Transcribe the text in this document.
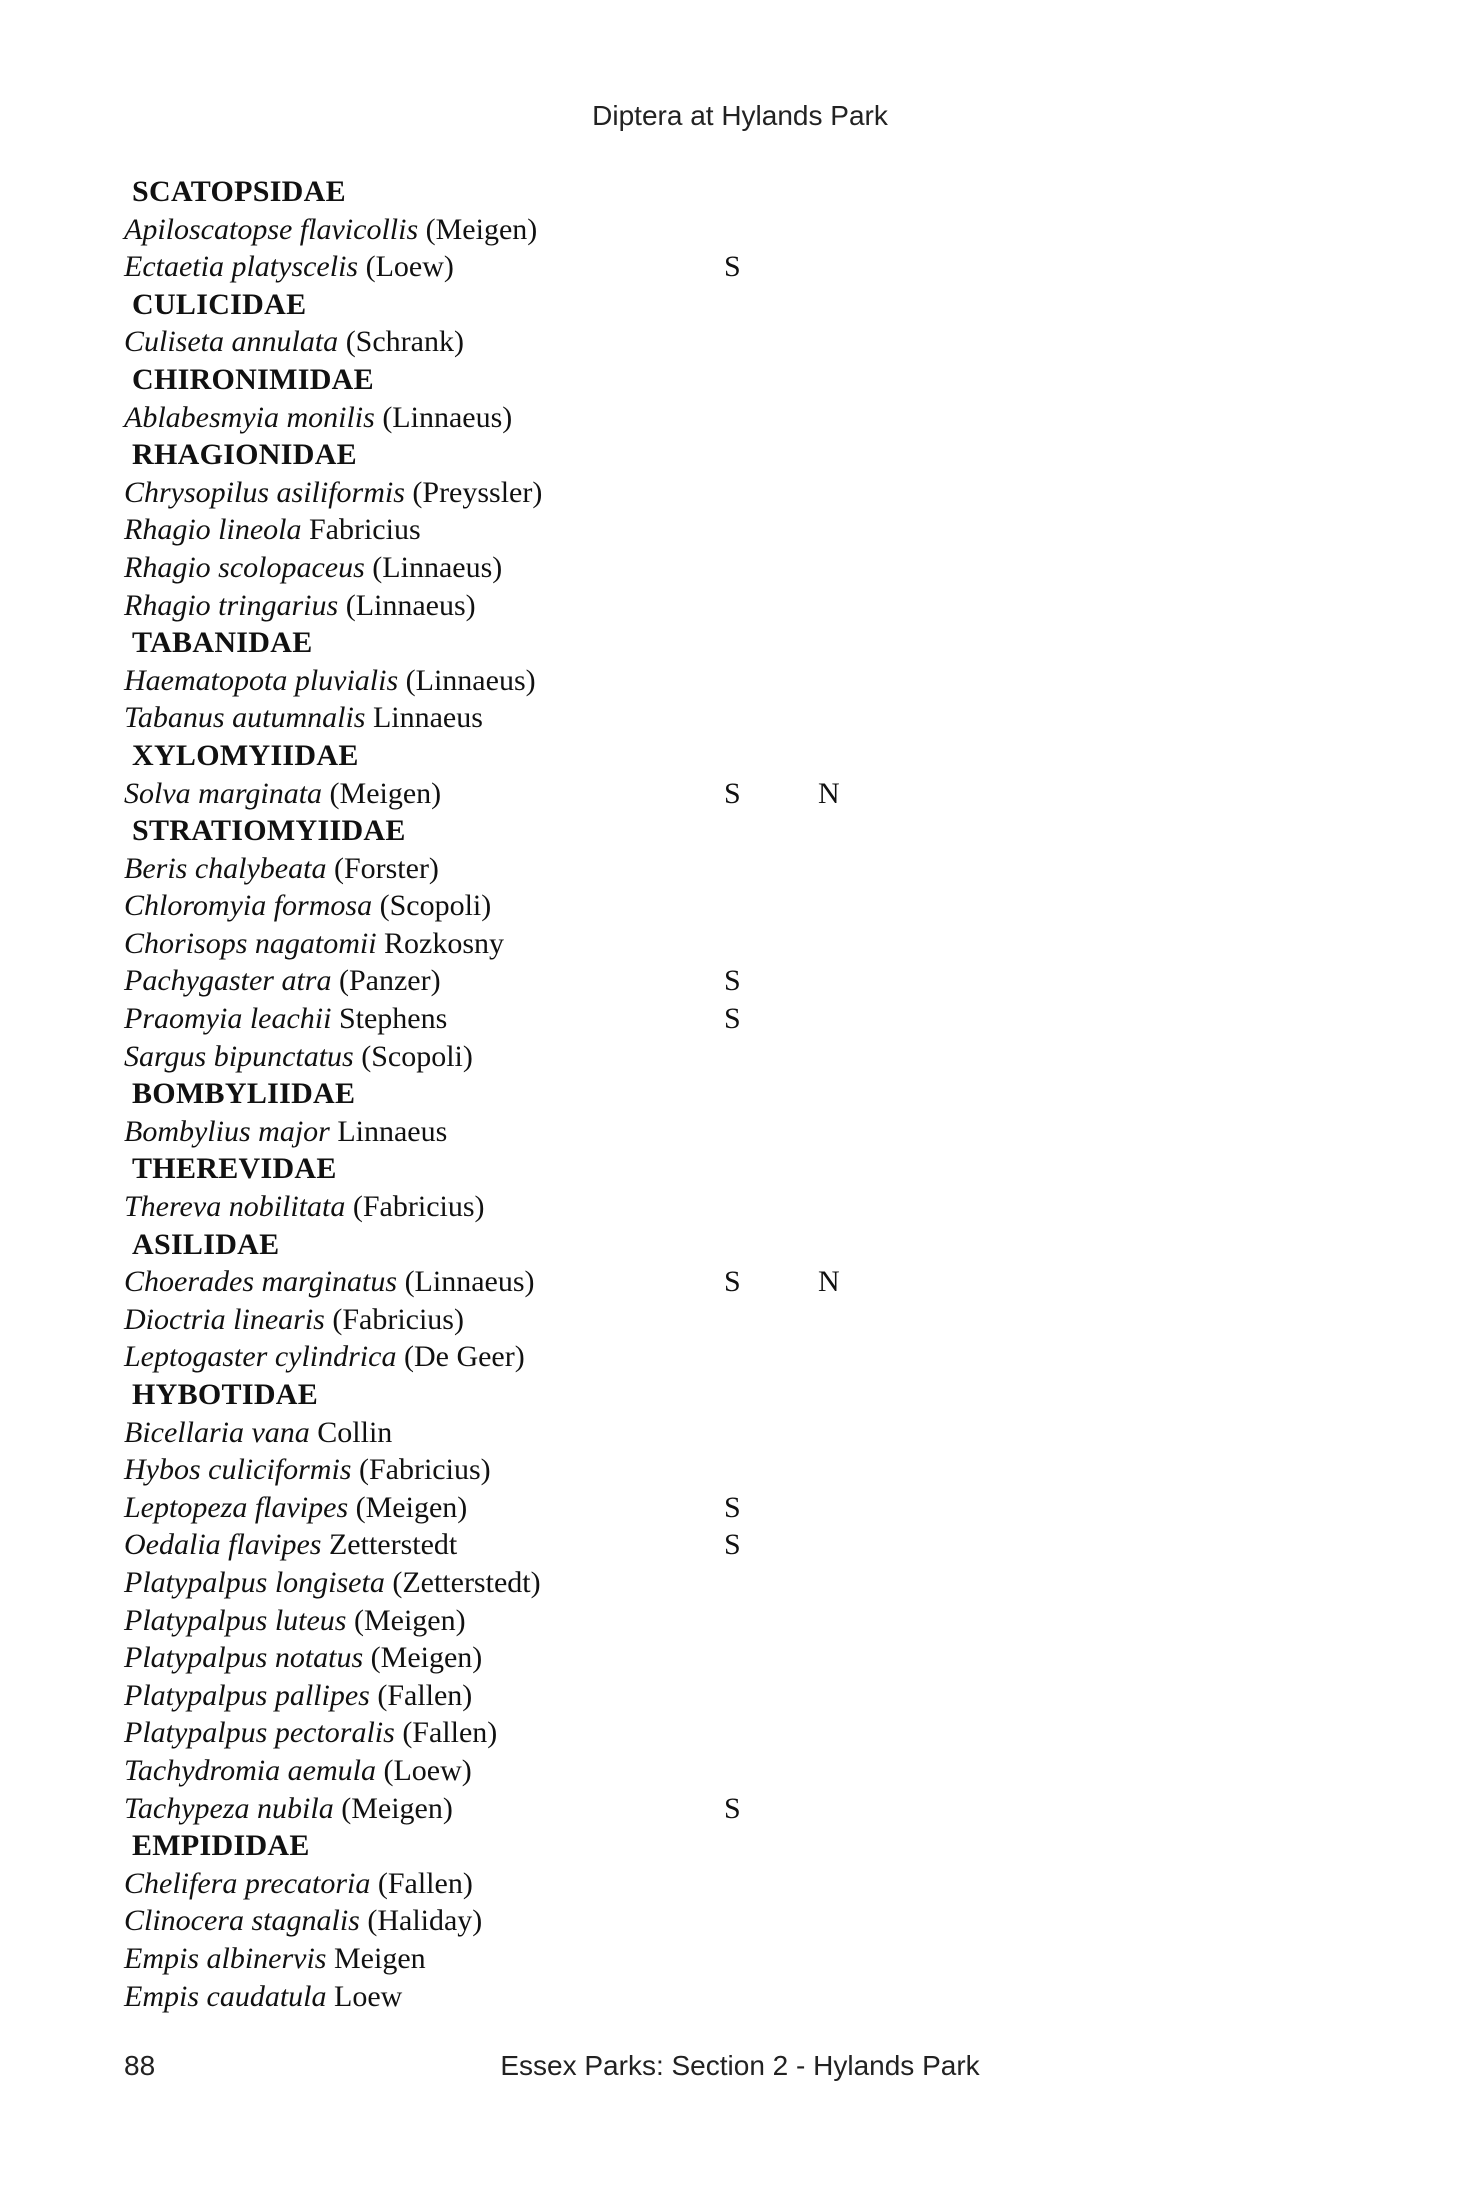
Diptera at Hylands Park
SCATOPSIDAE
Apiloscatopse flavicollis (Meigen)
Ectaetia platyscelis (Loew)	S
CULICIDAE
Culiseta annulata (Schrank)
CHIRONIMIDAE
Ablabesmyia monilis (Linnaeus)
RHAGIONIDAE
Chrysopilus asiliformis (Preyssler)
Rhagio lineola Fabricius
Rhagio scolopaceus (Linnaeus)
Rhagio tringarius (Linnaeus)
TABANIDAE
Haematopota pluvialis (Linnaeus)
Tabanus autumnalis Linnaeus
XYLOMYIIDAE
Solva marginata (Meigen)	S	N
STRATIOMYIIDAE
Beris chalybeata (Forster)
Chloromyia formosa (Scopoli)
Chorisops nagatomii Rozkosny
Pachygaster atra (Panzer)	S
Praomyia leachii Stephens	S
Sargus bipunctatus (Scopoli)
BOMBYLIIDAE
Bombylius major Linnaeus
THEREVIDAE
Thereva nobilitata (Fabricius)
ASILIDAE
Choerades marginatus (Linnaeus)	S	N
Dioctria linearis (Fabricius)
Leptogaster cylindrica (De Geer)
HYBOTIDAE
Bicellaria vana Collin
Hybos culiciformis (Fabricius)
Leptopeza flavipes (Meigen)	S
Oedalia flavipes Zetterstedt	S
Platypalpus longiseta (Zetterstedt)
Platypalpus luteus (Meigen)
Platypalpus notatus (Meigen)
Platypalpus pallipes (Fallen)
Platypalpus pectoralis (Fallen)
Tachydromia aemula (Loew)
Tachypeza nubila (Meigen)	S
EMPIDIDAE
Chelifera precatoria (Fallen)
Clinocera stagnalis (Haliday)
Empis albinervis Meigen
Empis caudatula Loew
88	Essex Parks: Section 2 - Hylands Park
